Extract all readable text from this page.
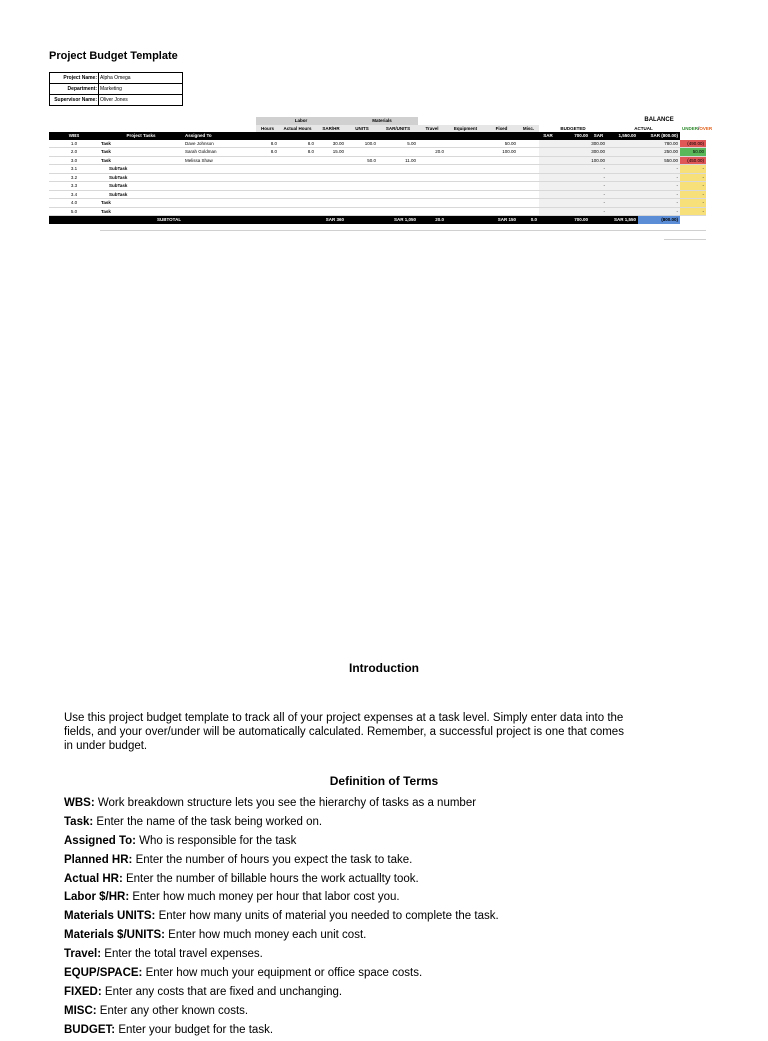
Project Budget Template
Project Name:	Alpha Omega
Department:	Marketing
Supervisor Name:	Oliver Jones
			Labor			Materials										BALANCE	
			Hours	Actual Hours	SAR/HR	UNITS	SAR/UNITS	Travel	Equipment	Fixed	Misc.	BUDGETED			ACTUAL		UNDER/OVER
WBS	Project Tasks	Assigned To										SAR	700.00	SAR	1,550.00	SAR (800.00)	
1.0	Task	Dave Johnson	8.0	8.0	30.00	100.0	5.00			50.00		300.00			780.00		(490.00)
2.0	Task	Sarah Goldman	8.0	8.0	15.00			20.0		100.00		300.00			250.00		50.00
3.0	Task	Melissa Shaw				50.0	11.00					100.00			550.00		(450.00)
3.1	SubTask											-			-		-
3.2	SubTask											-			-		-
3.3	SubTask											-			-		-
3.4	SubTask											-			-		-
4.0	Task											-			-		-
5.0	Task											-			-		-
SUBTOTAL			SAR 360			SAR 1,050		20.0		SAR 150	0.0	700.00		SAR 1,550		(800.00)	
Introduction
Use this project budget template to track all of your project expenses at a task level. Simply enter data into the fields, and your over/under will be automatically calculated. Remember, a successful project is one that comes in under budget.
Definition of Terms
WBS: Work breakdown structure lets you see the hierarchy of tasks as a number
Task: Enter the name of the task being worked on.
Assigned To: Who is responsible for the task
Planned HR: Enter the number of hours you expect the task to take.
Actual HR: Enter the number of billable hours the work actuallty took.
Labor $/HR: Enter how much money per hour that labor cost you.
Materials UNITS: Enter how many units of material you needed to complete the task.
Materials $/UNITS: Enter how much money each unit cost.
Travel: Enter the total travel expenses.
EQUP/SPACE: Enter how much your equipment or office space costs.
FIXED: Enter any costs that are fixed and unchanging.
MISC: Enter any other known costs.
BUDGET: Enter your budget for the task.
